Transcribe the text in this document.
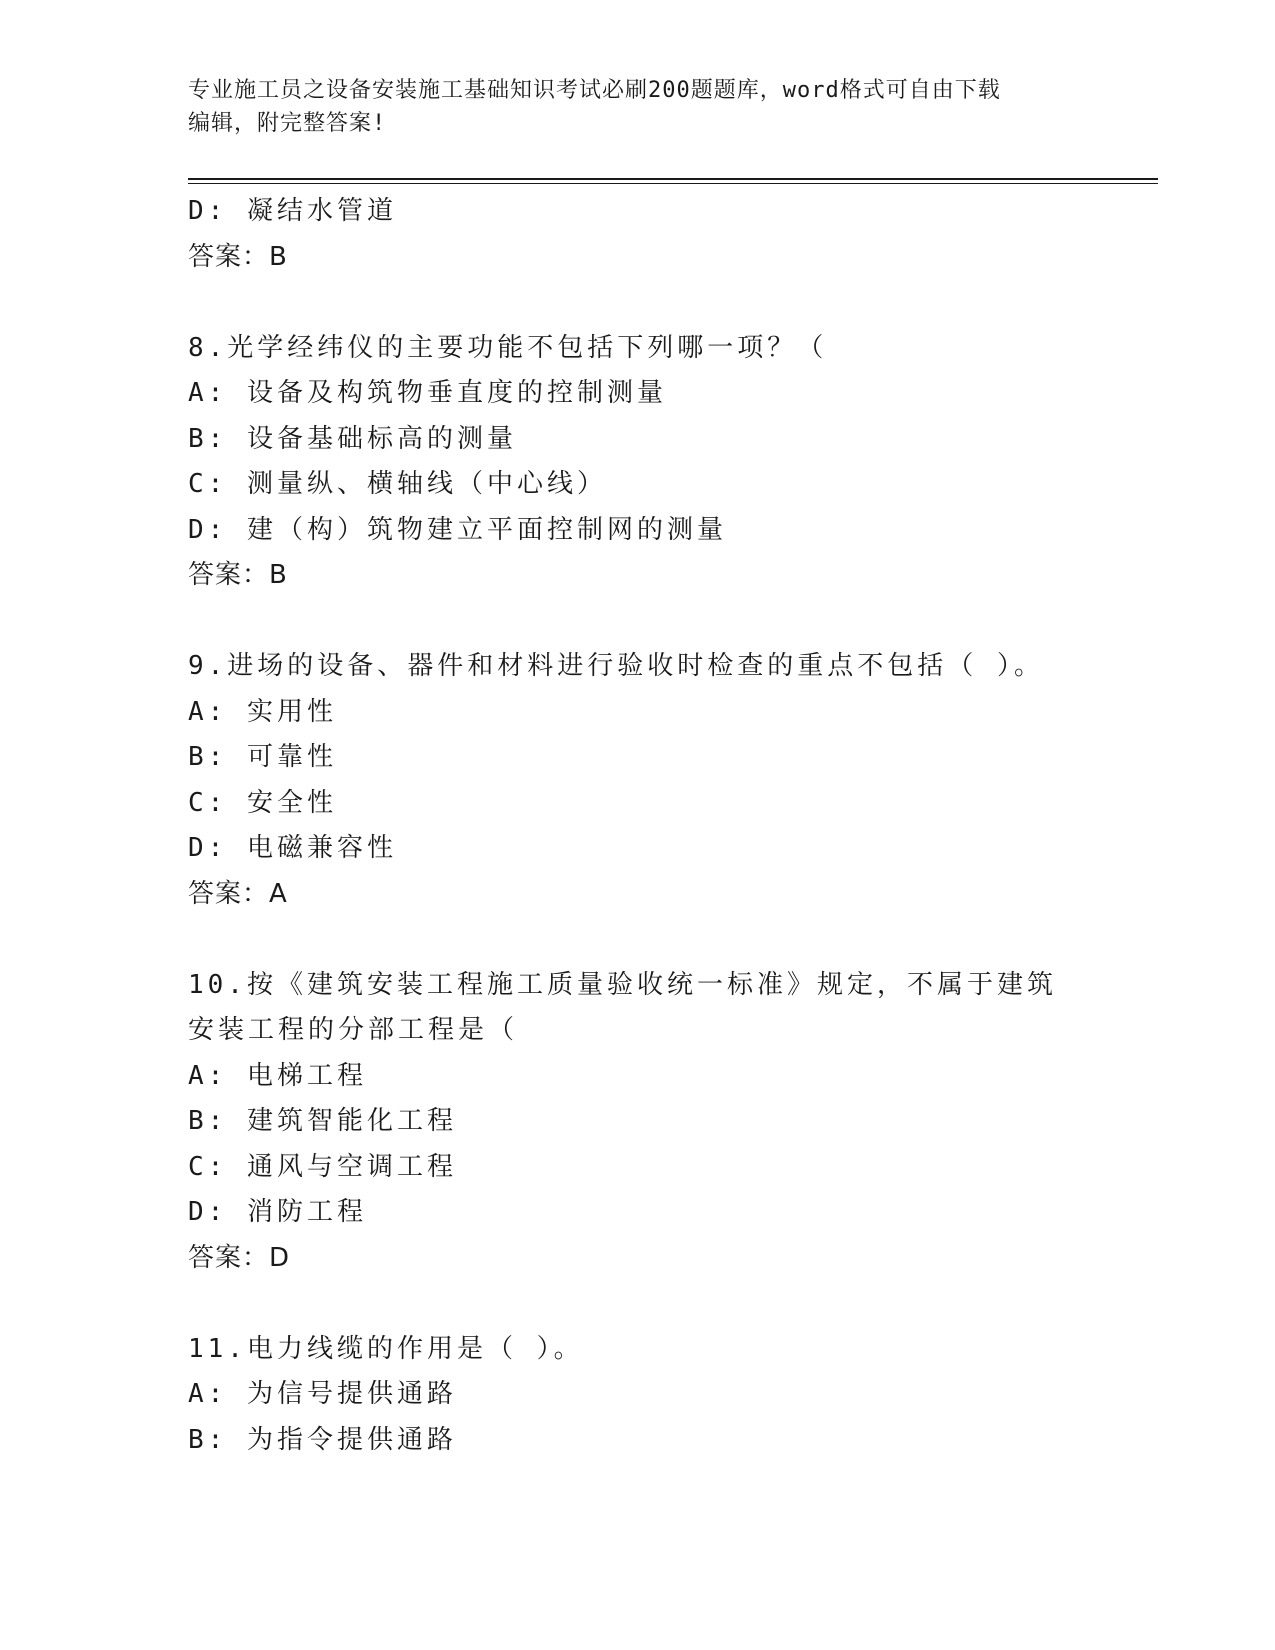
专业施工员之设备安装施工基础知识考试必刷200题题库，word格式可自由下载
编辑，附完整答案!
D: 凝结水管道
答案：B
8.光学经纬仪的主要功能不包括下列哪一项？（
A: 设备及构筑物垂直度的控制测量
B: 设备基础标高的测量
C: 测量纵、横轴线（中心线）
D: 建（构）筑物建立平面控制网的测量
答案：B
9.进场的设备、器件和材料进行验收时检查的重点不包括（ ）。
A: 实用性
B: 可靠性
C: 安全性
D: 电磁兼容性
答案：A
10.按《建筑安装工程施工质量验收统一标准》规定，不属于建筑安装工程的分部工程是（
A: 电梯工程
B: 建筑智能化工程
C: 通风与空调工程
D: 消防工程
答案：D
11.电力线缆的作用是（ ）。
A: 为信号提供通路
B: 为指令提供通路
